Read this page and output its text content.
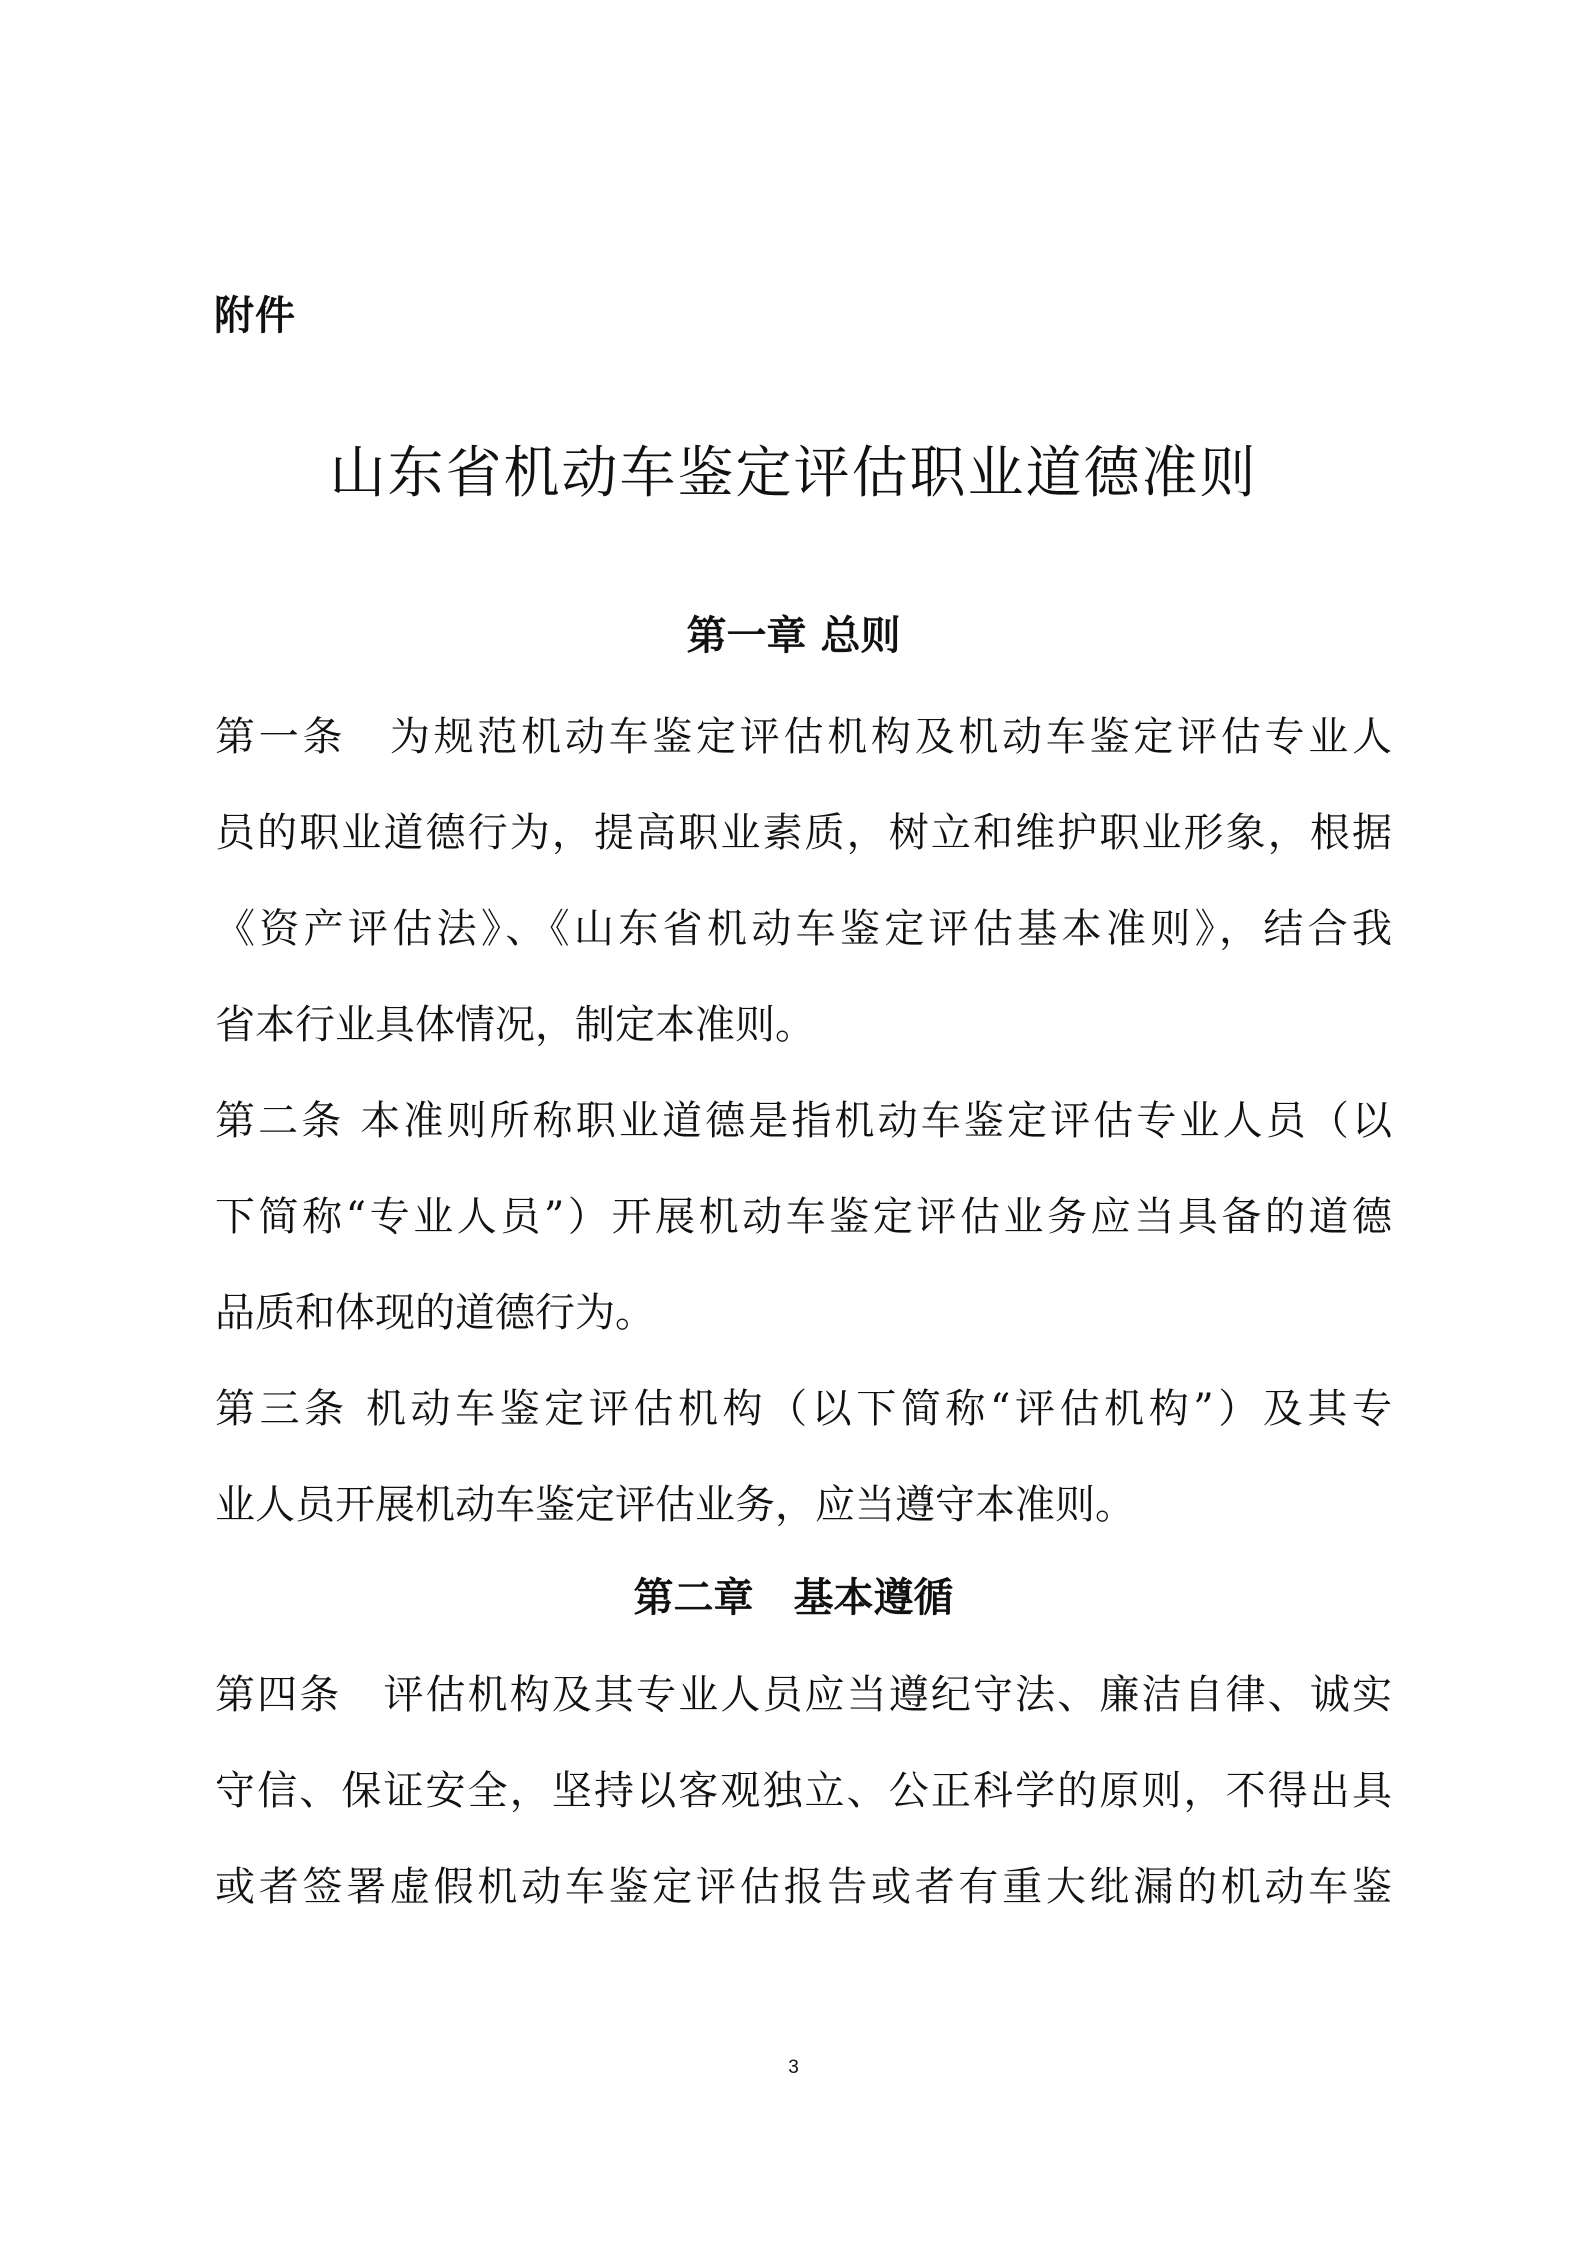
附件
山东省机动车鉴定评估职业道德准则
第一章 总则
第一条　为规范机动车鉴定评估机构及机动车鉴定评估专业人
员的职业道德行为，提高职业素质，树立和维护职业形象，根据
《资产评估法》、《山东省机动车鉴定评估基本准则》，结合我
省本行业具体情况，制定本准则。
第二条 本准则所称职业道德是指机动车鉴定评估专业人员（以
下简称“专业人员”）开展机动车鉴定评估业务应当具备的道德
品质和体现的道德行为。
第三条 机动车鉴定评估机构（以下简称“评估机构”）及其专
业人员开展机动车鉴定评估业务，应当遵守本准则。
第二章　基本遵循
第四条　评估机构及其专业人员应当遵纪守法、廉洁自律、诚实
守信、保证安全，坚持以客观独立、公正科学的原则，不得出具
或者签署虚假机动车鉴定评估报告或者有重大纰漏的机动车鉴
3
